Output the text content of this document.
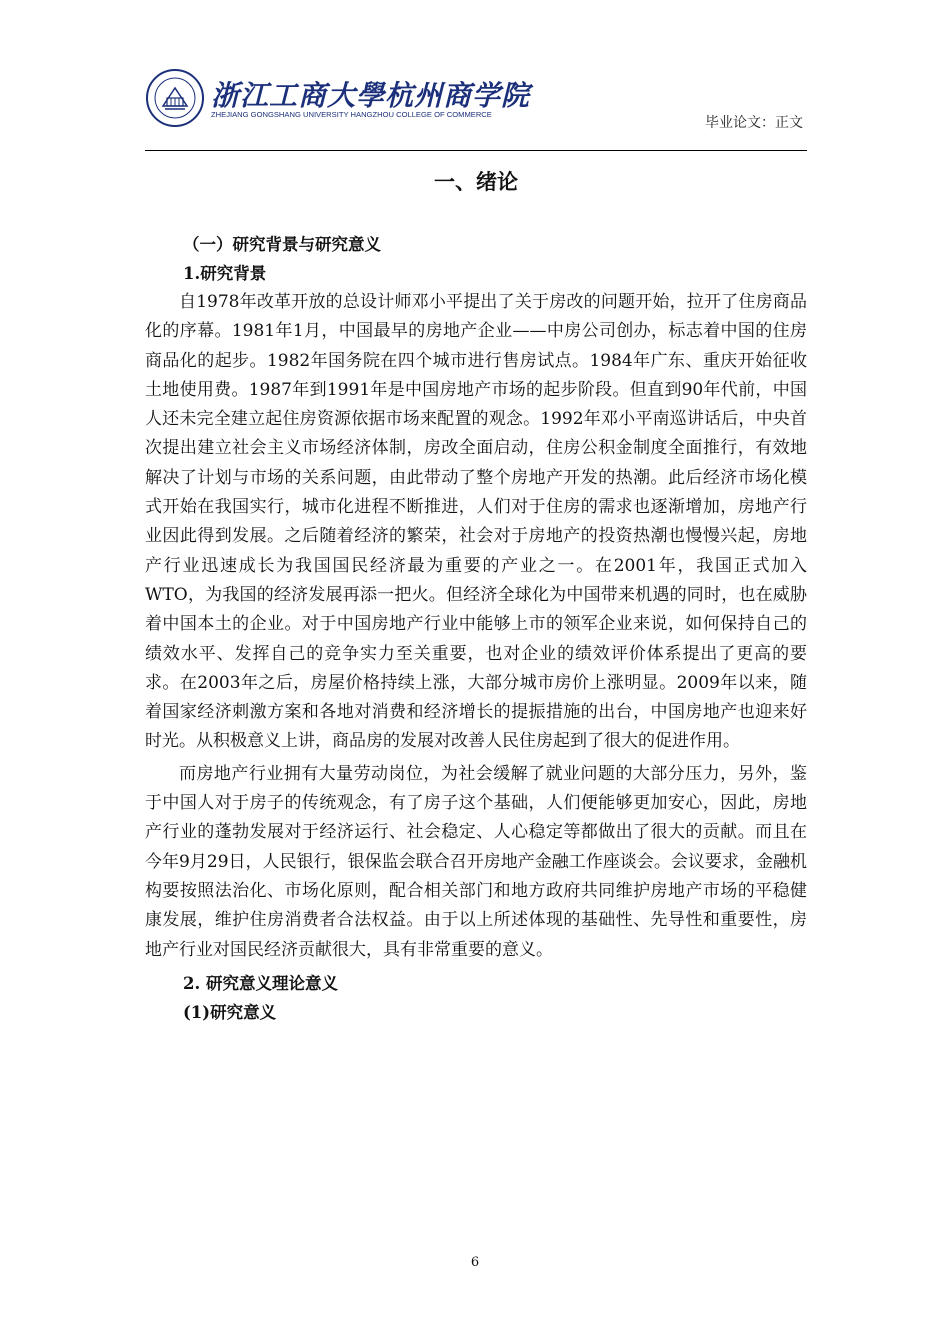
浙江工商大學杭州商学院
ZHEJIANG GONGSHANG UNIVERSITY HANGZHOU COLLEGE OF COMMERCE
毕业论文：正文
一、绪论
（一）研究背景与研究意义
1.研究背景

自1978年改革开放的总设计师邓小平提出了关于房改的问题开始，拉开了住房商品化的序幕。1981年1月，中国最早的房地产企业——中房公司创办，标志着中国的住房商品化的起步。1982年国务院在四个城市进行售房试点。1984年广东、重庆开始征收土地使用费。1987年到1991年是中国房地产市场的起步阶段。但直到90年代前，中国人还未完全建立起住房资源依据市场来配置的观念。1992年邓小平南巡讲话后，中央首次提出建立社会主义市场经济体制，房改全面启动，住房公积金制度全面推行，有效地解决了计划与市场的关系问题，由此带动了整个房地产开发的热潮。此后经济市场化模式开始在我国实行，城市化进程不断推进，人们对于住房的需求也逐渐增加，房地产行业因此得到发展。之后随着经济的繁荣，社会对于房地产的投资热潮也慢慢兴起，房地产行业迅速成长为我国国民经济最为重要的产业之一。在2001年，我国正式加入WTO，为我国的经济发展再添一把火。但经济全球化为中国带来机遇的同时，也在威胁着中国本土的企业。对于中国房地产行业中能够上市的领军企业来说，如何保持自己的绩效水平、发挥自己的竞争实力至关重要，也对企业的绩效评价体系提出了更高的要求。在2003年之后，房屋价格持续上涨，大部分城市房价上涨明显。2009年以来，随着国家经济刺激方案和各地对消费和经济增长的提振措施的出台，中国房地产也迎来好时光。从积极意义上讲，商品房的发展对改善人民住房起到了很大的促进作用。

而房地产行业拥有大量劳动岗位，为社会缓解了就业问题的大部分压力，另外，鉴于中国人对于房子的传统观念，有了房子这个基础，人们便能够更加安心，因此，房地产行业的蓬勃发展对于经济运行、社会稳定、人心稳定等都做出了很大的贡献。而且在今年9月29日，人民银行，银保监会联合召开房地产金融工作座谈会。会议要求，金融机构要按照法治化、市场化原则，配合相关部门和地方政府共同维护房地产市场的平稳健康发展，维护住房消费者合法权益。由于以上所述体现的基础性、先导性和重要性，房地产行业对国民经济贡献很大，具有非常重要的意义。

2. 研究意义理论意义
(1)研究意义
6
